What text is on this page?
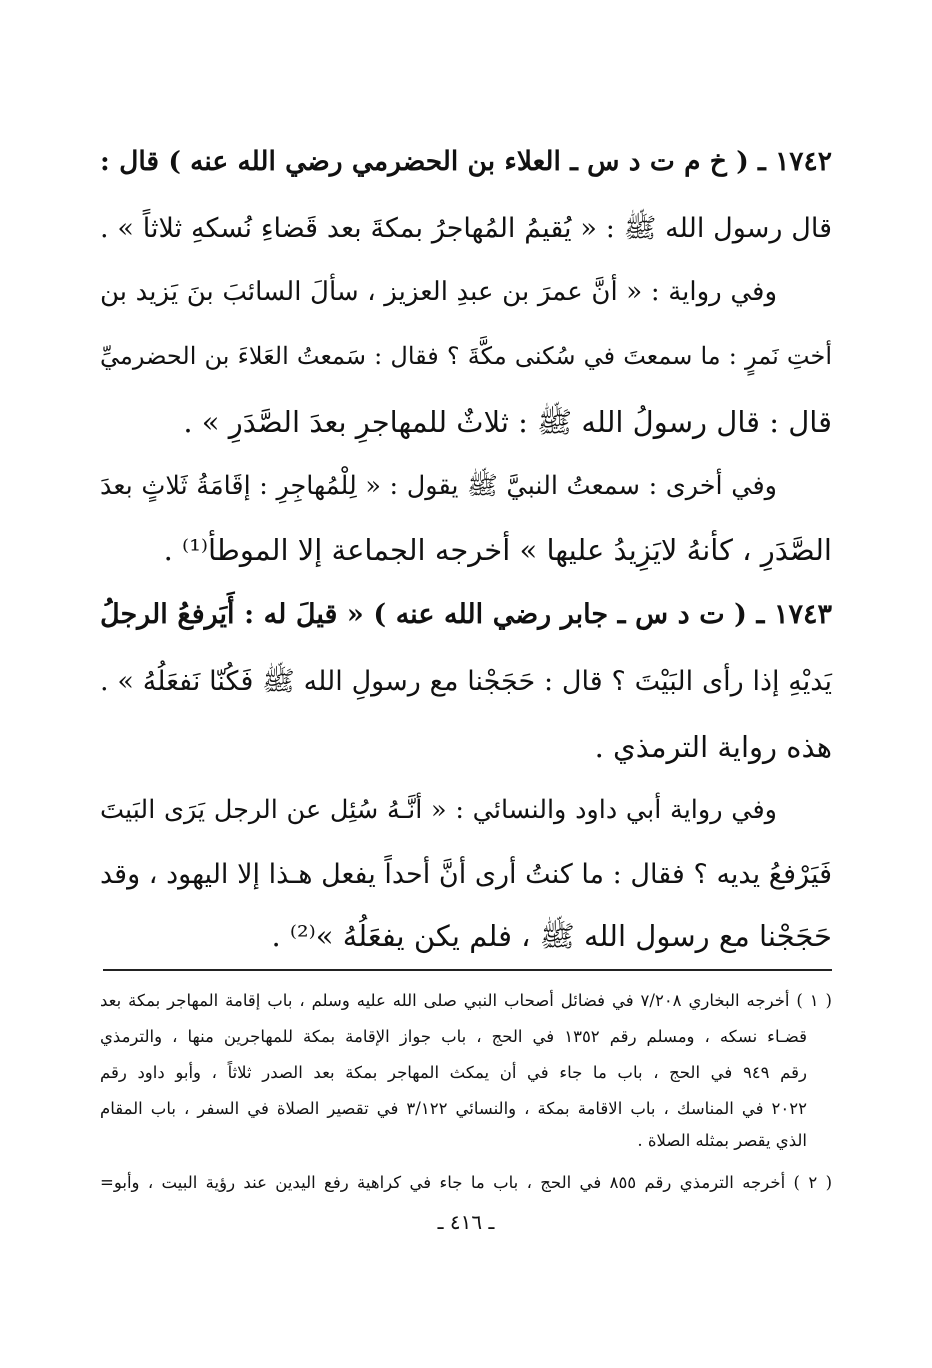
١٧٤٢ ـ ( خ م ت د س ـ العلاء بن الحضرمي رضي الله عنه ) قال :
قال رسول الله ﷺ : « يُقيمُ المُهاجرُ بمكةَ بعد قَضاءِ نُسكهِ ثلاثاً » .
وفي رواية : « أنَّ عمرَ بن عبدِ العزيز ، سألَ السائبَ بنَ يَزيد بن
أختِ نَمرٍ : ما سمعتَ في سُكنى مكَّةَ ؟ فقال : سَمعتُ العَلاءَ بن الحضرميِّ
قال : قال رسولُ الله ﷺ : ثلاثٌ للمهاجرِ بعدَ الصَّدَرِ » .
وفي أخرى : سمعتُ النبيَّ ﷺ يقول : « لِلْمُهاجِرِ : إقَامَةُ ثَلاثٍ بعدَ
الصَّدَرِ ، كأنهُ لايَزِيدُ عليها » أخرجه الجماعة إلا الموطأ⁽¹⁾ .
١٧٤٣ ـ ( ت د س ـ جابر رضي الله عنه ) « قيلَ له : أَيَرفعُ الرجلُ
يَديْهِ إذا رأى البَيْتَ ؟ قال : حَجَجْنا مع رسولِ الله ﷺ فَكُنّا نَفعَلُهُ » .
هذه رواية الترمذي .
وفي رواية أبي داود والنسائي : « أنَّـهُ سُئِل عن الرجل يَرَى البَيتَ
فَيَرْفعُ يديه ؟ فقال : ما كنتُ أرى أنَّ أحداً يفعل هـذا إلا اليهود ، وقد
حَجَجْنا مع رسول الله ﷺ ، فلم يكن يفعَلُهُ »⁽²⁾ .
( ١ ) أخرجه البخاري ٧/٢٠٨ في فضائل أصحاب النبي صلى الله عليه وسلم ، باب إقامة المهاجر بمكة بعد
قضـاء نسكه ، ومسلم رقم ١٣٥٢ في الحج ، باب جواز الإقامة بمكة للمهاجرين منها ، والترمذي
رقم ٩٤٩ في الحج ، باب ما جاء في أن يمكث المهاجر بمكة بعد الصدر ثلاثاً ، وأبو داود رقم
٢٠٢٢ في المناسك ، باب الاقامة بمكة ، والنسائي ٣/١٢٢ في تقصير الصلاة في السفر ، باب المقام
الذي يقصر بمثله الصلاة .
( ٢ ) أخرجه الترمذي رقم ٨٥٥ في الحج ، باب ما جاء في كراهية رفع اليدين عند رؤية البيت ، وأبو=
ـ ٤١٦ ـ
